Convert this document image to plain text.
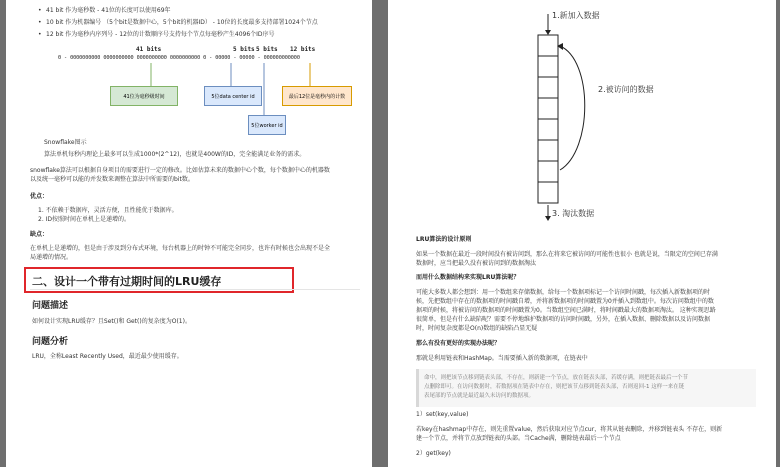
• 41 bit 作为毫秒数 - 41位的长度可以使用69年
• 10 bit 作为机器编号 （5个bit是数据中心，5个bit的机器ID） - 10位的长度最多支持部署1024个节点
• 12 bit 作为毫秒内序列号 - 12位的计数顺序号支持每个节点每毫秒产生4096个ID序号
41 bits	5 bits 5 bits 12 bits
0 - 0000000000 0000000000 0000000000 0000000000 0 - 00000 - 00000 - 000000000000
41位为毫秒级时间	5位data center id	最后12位是毫秒内的计数
5位worker id
Snowflake图示
算法单机每秒内理论上最多可以生成1000*(2^12)，也就是400W的ID，完全能满足业务的需求。
snowflake算法可以根据自身项目的需要进行一定的修改。比如估算未来的数据中心个数，每个数据中心的机器数
以及统一毫秒可以能的并发数来调整在算法中所需要的bit数。
优点：
1. 不依赖于数据库，灵活方便，且性能优于数据库。
2. ID按照时间在单机上是递增的。
缺点：
在单机上是递增的，但是由于涉及到分布式环境，每台机器上的时钟不可能完全同步，也许有时候也会出现不是全
局递增的情况。
二、设计一个带有过期时间的LRU缓存
问题描述
如何设计实现LRU缓存？且Set()和 Get()的复杂度为O(1)。
问题分析
LRU，全称Least Recently Used，最近最少使用缓存。
1.新加入数据
2.被访问的数据
3. 淘汰数据
LRU算法的设计原则
如果一个数据在最近一段时间没有被访问到，那么在将来它被访问的可能性也很小 也就是说，当限定的空间已存满
数据时，应当把最久没有被访问到的数据淘汰
而用什么数据结构来实现LRU算法呢？
可能大多数人都会想到：用一个数组来存储数据，给每一个数据项标记一个访问时间戳，每次插入新数据项的时
候，先把数组中存在的数据项的时间戳自增，并将新数据项的时间戳置为0并插入到数组中。每次访问数组中的数
据项的时候，将被访问的数据项的时间戳置为0。当数组空间已满时，将时间戳最大的数据项淘汰。 这种实现思路
很简单，但是有什么缺陷呢？需要不停地维护数据项的访问时间戳，另外，在插入数据、删除数据以及访问数据
时，时间复杂度都是O(n)数组的缺陷凸显无疑
那么有没有更好的实现办法呢？
那就是利用链表和HashMap。当需要插入新的数据项，在链表中
命中，则把该节点移到链表头部，不存在，则新建一个节点，放在链表头部，若缓存满，则把链表最后一个节
点删除即可。在访问数据时，若数据项在链表中存在，则把该节点移到链表头部，否则返回-1 这样一来在链
表尾部的节点就是最近最久未访问的数据项。
1）set(key,value)
若key在hashmap中存在，则先重置value，然后获取对应节点cur，将其从链表删除，并移到链表头 不存在，则新
建一个节点，并将节点放到链表的头部。当Cache满，删除链表最后一个节点
2）get(key)
